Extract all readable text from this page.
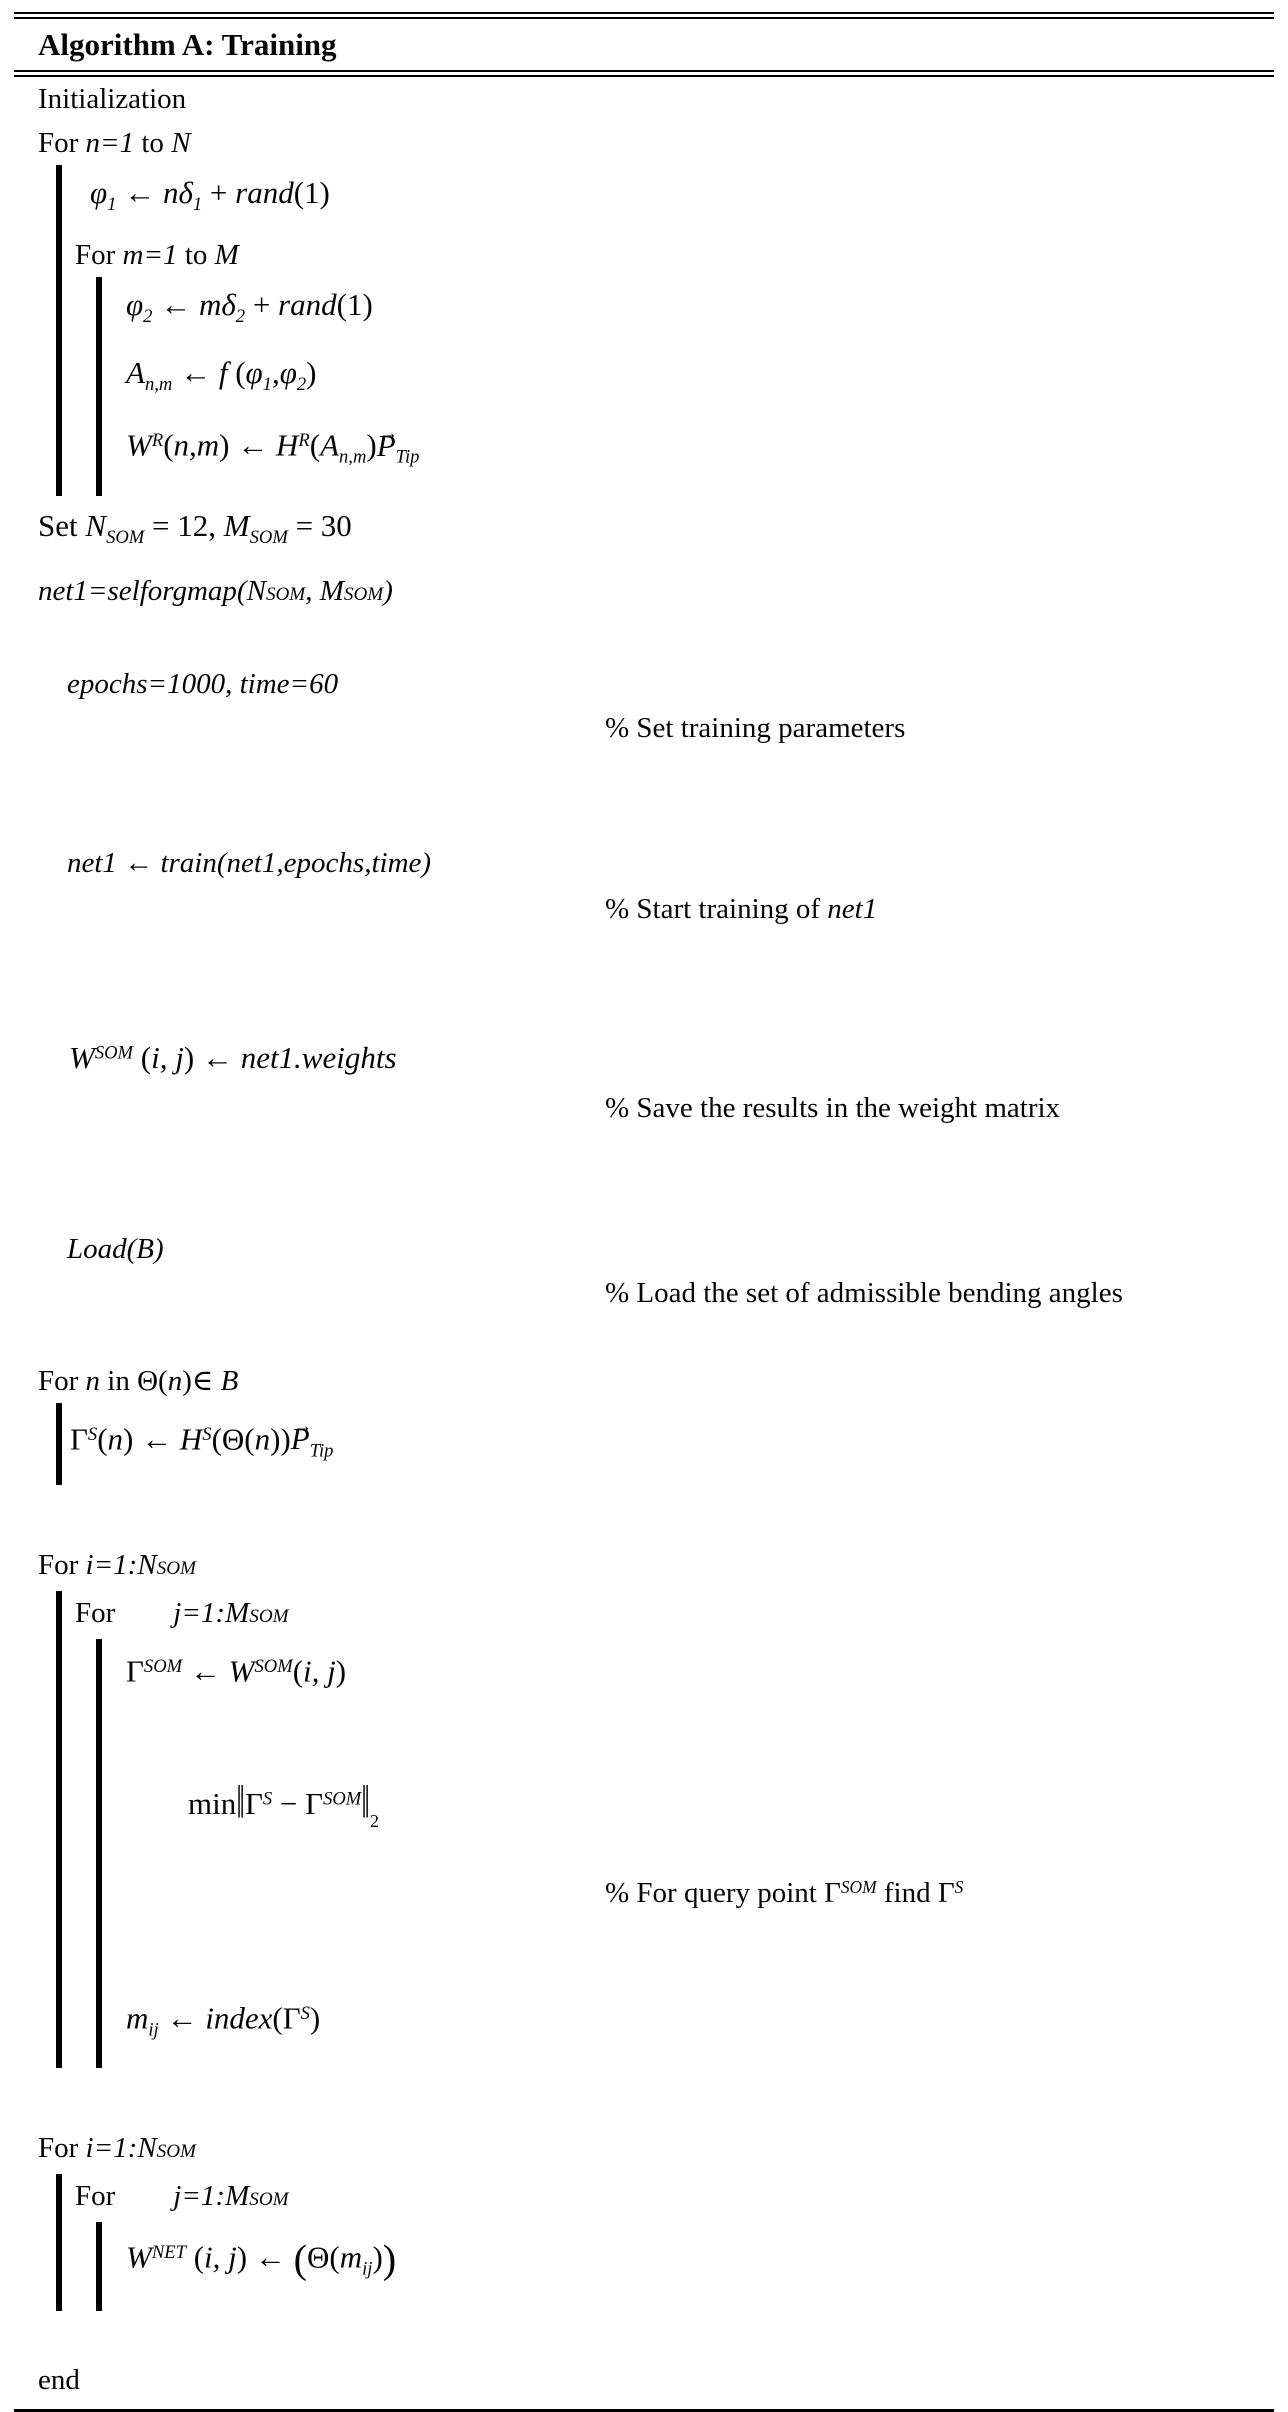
Algorithm A: Training
Initialization
For n=1 to N
$\varphi_1$ ← $n\delta_1$ + rand(1)
For m=1 to M
$\varphi_2$ ← $m\delta_2$ + rand(1)
$A_{n,m}$ ← f $(\varphi_1,\varphi_2)$
$W^R(n,m)$ ← $H^R(A_{n,m})\to P_{Tip}$
Set $N_{SOM} = 12$, $M_{SOM} = 30$
net1=selforgmap(NSOM, MSOM)

epochs=1000, time=60

% Set training parameters

net1 ← train(net1,epochs,time)

% Start training of net1

$W^{SOM}$ (i, j) ← net1.weights

% Save the results in the weight matrix

Load(B)

% Load the set of admissible bending angles

For n in Θ(n)∈ B
$\Gamma^S(n)$ ← $H^S(\Theta(n))\to P_{Tip}$
For i=1:NSOM
For j=1:MSOM
$\Gamma^{SOM}$ ← $W^{SOM}(i$, j)

$\min‖\Gamma^S$ − $\Gamma^{SOM}‖_2$

% For query point $\Gamma^{SOM}$ find $\Gamma^S$

$m_{ij}$ ← $index(\Gamma^S)$
For i=1:NSOM
For j=1:MSOM
$W^{NET}$ (i, j) ← $(\Theta(m_{ij}))$
end
